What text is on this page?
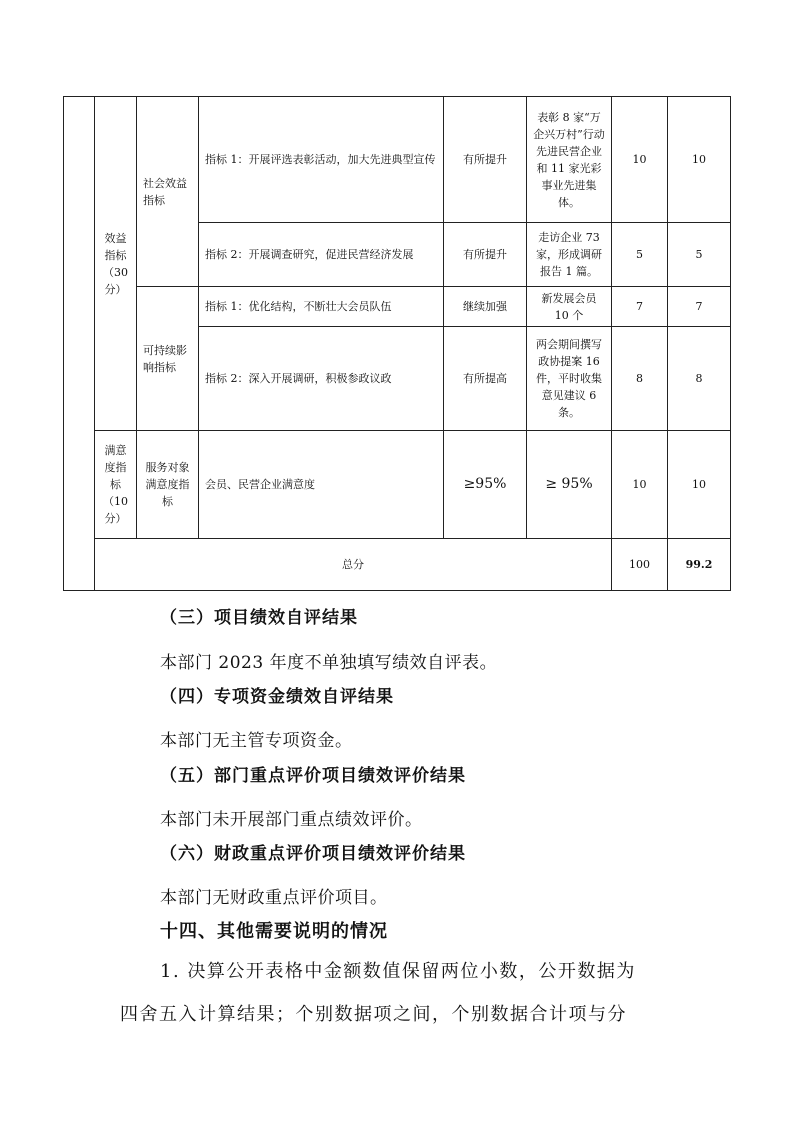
	效益指标（30分）	社会效益指标	指标 1：开展评选表彰活动，加大先进典型宣传	有所提升	表彰 8 家“万企兴万村”行动先进民营企业和 11 家光彩事业先进集体。	10	10
			指标 2：开展调查研究，促进民营经济发展	有所提升	走访企业 73 家，形成调研报告 1 篇。	5	5
		可持续影响指标	指标 1：优化结构，不断壮大会员队伍	继续加强	新发展会员 10 个	7	7
			指标 2：深入开展调研，积极参政议政	有所提高	两会期间撰写政协提案 16 件，平时收集意见建议 6 条。	8	8
	满意度指标（10分）	服务对象满意度指标	会员、民营企业满意度	≥95%	≥ 95%	10	10
	总分					100	99.2
（三）项目绩效自评结果
本部门 2023 年度不单独填写绩效自评表。
（四）专项资金绩效自评结果
本部门无主管专项资金。
（五）部门重点评价项目绩效评价结果
本部门未开展部门重点绩效评价。
（六）财政重点评价项目绩效评价结果
本部门无财政重点评价项目。
十四、其他需要说明的情况
1. 决算公开表格中金额数值保留两位小数，公开数据为
四舍五入计算结果；个别数据项之间，个别数据合计项与分
